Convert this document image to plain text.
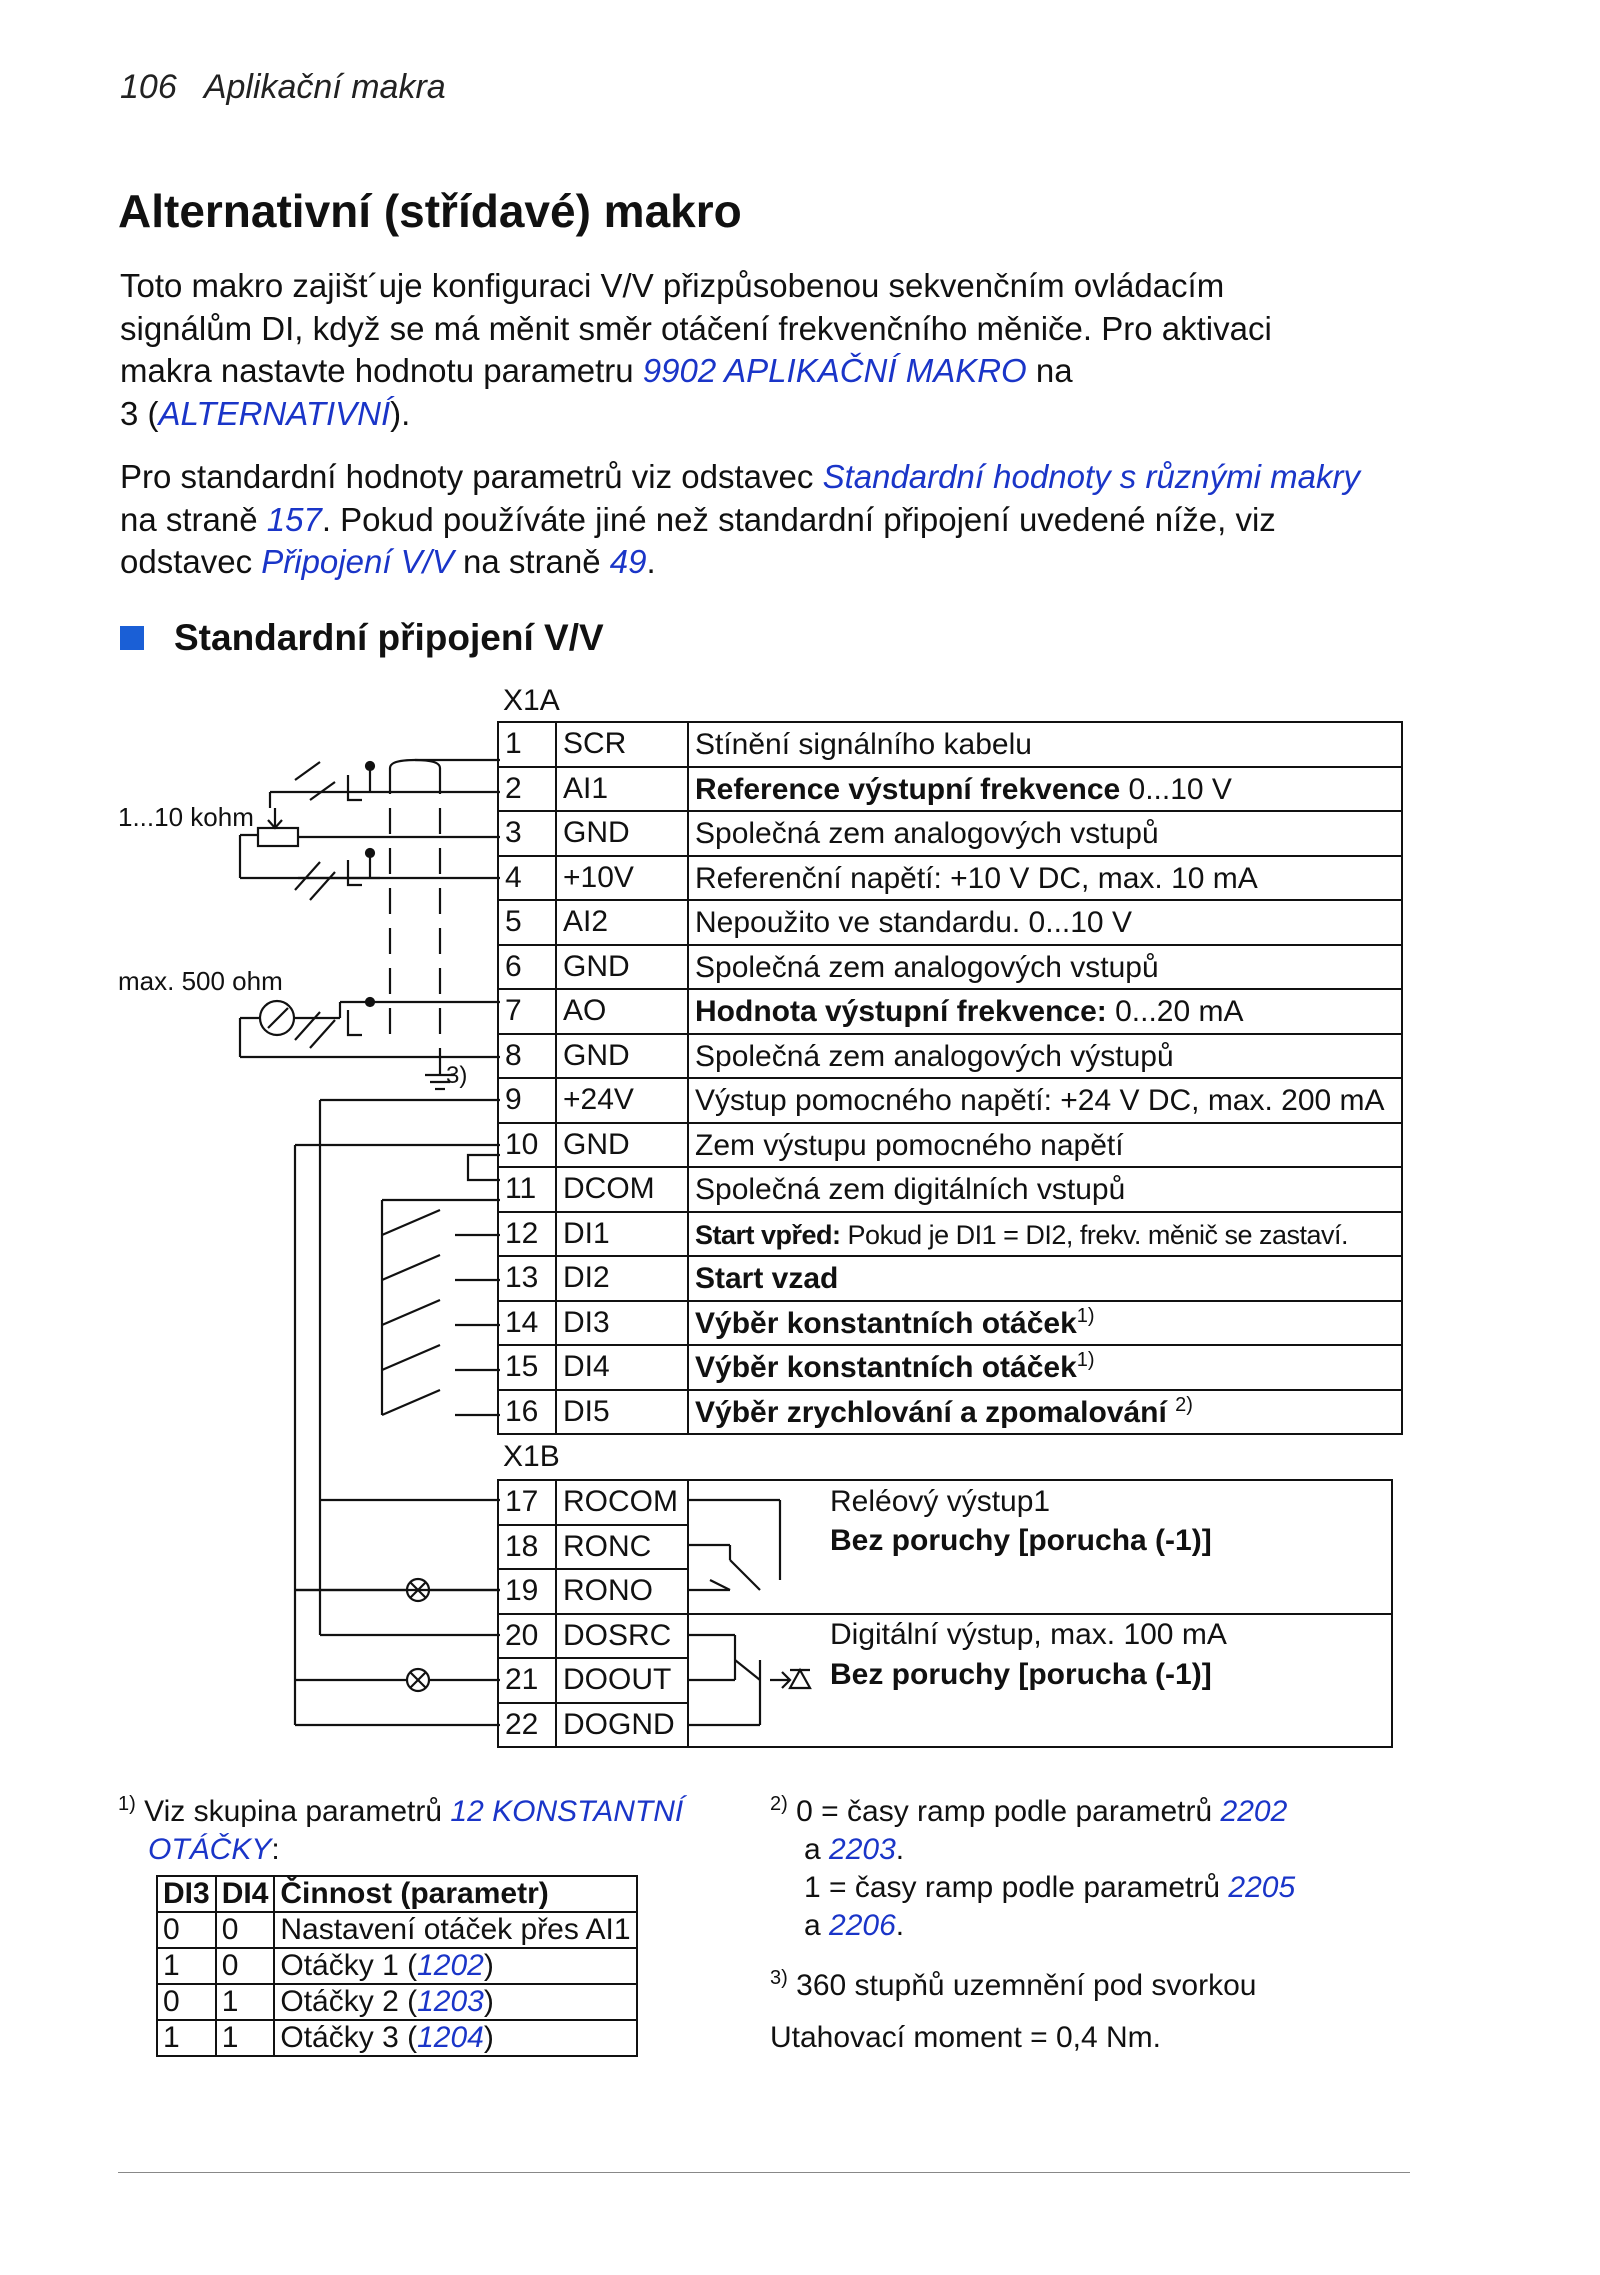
106 Aplikační makra
Alternativní (střídavé) makro

Toto makro zajišt´uje konfiguraci V/V přizpůsobenou sekvenčním ovládacím
signálům DI, když se má měnit směr otáčení frekvenčního měniče. Pro aktivaci
makra nastavte hodnotu parametru 9902 APLIKAČNÍ MAKRO na
3 (ALTERNATIVNÍ).

Pro standardní hodnoty parametrů viz odstavec Standardní hodnoty s různými makry
na straně 157. Pokud používáte jiné než standardní připojení uvedené níže, viz
odstavec Připojení V/V na straně 49.

Standardní připojení V/V
X1A
X1B
1...10 kohm
max. 500 ohm
3)
Reléový výstup1
Bez poruchy [porucha (-1)]
Digitální výstup, max. 100 mA
Bez poruchy [porucha (-1)]
1	SCR	Stínění signálního kabelu
2	AI1	Reference výstupní frekvence 0...10 V
3	GND	Společná zem analogových vstupů
4	+10V	Referenční napětí: +10 V DC, max. 10 mA
5	AI2	Nepoužito ve standardu. 0...10 V
6	GND	Společná zem analogových vstupů
7	AO	Hodnota výstupní frekvence: 0...20 mA
8	GND	Společná zem analogových výstupů
9	+24V	Výstup pomocného napětí: +24 V DC, max. 200 mA
10	GND	Zem výstupu pomocného napětí
11	DCOM	Společná zem digitálních vstupů
12	DI1	Start vpřed: Pokud je DI1 = DI2, frekv. měnič se zastaví.
13	DI2	Start vzad
14	DI3	Výběr konstantních otáček$^{1)}$
15	DI4	Výběr konstantních otáček$^{1)}$
16	DI5	Výběr zrychlování a zpomalování $^{2)}$
17	ROCOM	
18	RONC	
19	RONO	
20	DOSRC	
21	DOOUT	
22	DOGND	
$^{1)}$ Viz skupina parametrů 12 KONSTANTNÍ
OTÁČKY:
DI3	DI4	Činnost (parametr)
0	0	Nastavení otáček přes AI1
1	0	Otáčky 1 (1202)
0	1	Otáčky 2 (1203)
1	1	Otáčky 3 (1204)
$^{2)}$ 0 = časy ramp podle parametrů 2202
a 2203.
1 = časy ramp podle parametrů 2205
a 2206.

$^{3)}$ 360 stupňů uzemnění pod svorkou
Utahovací moment = 0,4 Nm.
